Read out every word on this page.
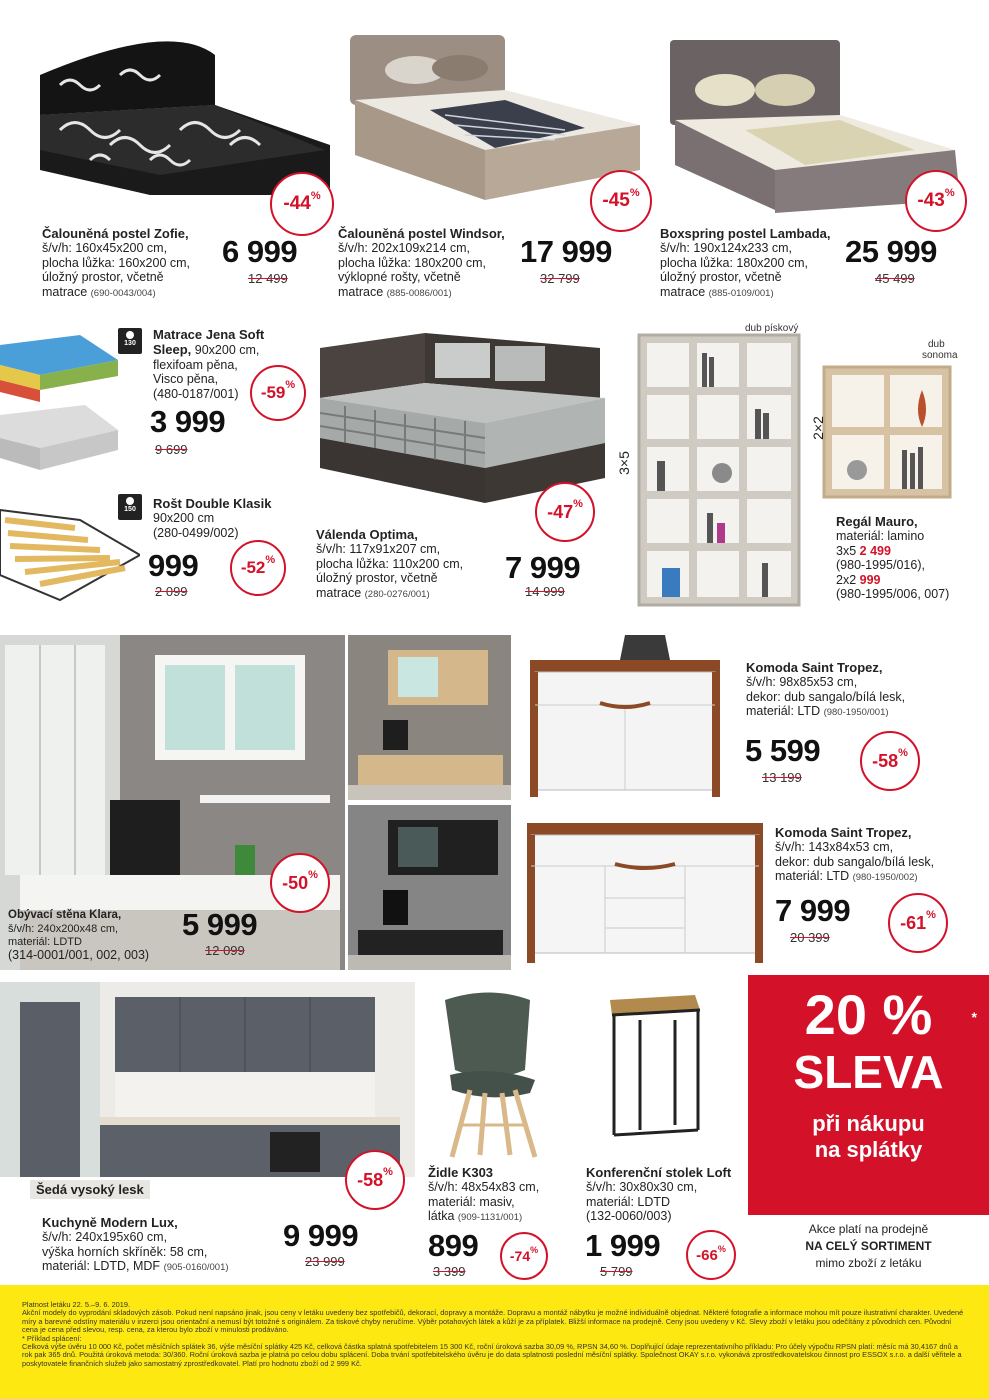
Čalouněná postel Zofie,
š/v/h: 160x45x200 cm,
plocha lůžka: 160x200 cm,
úložný prostor, včetně
matrace (690-0043/004)
6 999
12 499
-44 %
Čalouněná postel Windsor,
š/v/h: 202x109x214 cm,
plocha lůžka: 180x200 cm,
výklopné rošty, včetně
matrace (885-0086/001)
17 999
32 799
-45 %
Boxspring postel Lambada,
š/v/h: 190x124x233 cm,
plocha lůžka: 180x200 cm,
úložný prostor, včetně
matrace (885-0109/001)
25 999
45 499
-43 %
130
Matrace Jena Soft
Sleep, 90x200 cm,
flexifoam pěna,
Visco pěna,
(480-0187/001)
3 999
9 699
-59 %
150	Rošt Double Klasik
90x200 cm
(280-0499/002)
999
2 099
-52 %
Válenda Optima,
š/v/h: 117x91x207 cm,
plocha lůžka: 110x200 cm,
úložný prostor, včetně
matrace (280-0276/001)
7 999
14 999
-47 %
dub pískový
dub
sonoma
3×5
2×2
Regál Mauro,
materiál: lamino
3x5 2 499
(980-1995/016),
2x2 999
(980-1995/006, 007)
Obývací stěna Klara,
š/v/h: 240x200x48 cm,
materiál: LDTD
(314-0001/001, 002, 003)
5 999
12 099
-50 %
Komoda Saint Tropez,
š/v/h: 98x85x53 cm,
dekor: dub sangalo/bílá lesk,
materiál: LTD (980-1950/001)
5 599
13 199
-58 %
Komoda Saint Tropez,
š/v/h: 143x84x53 cm,
dekor: dub sangalo/bílá lesk,
materiál: LTD (980-1950/002)
7 999
20 399
-61 %
Šedá vysoký lesk
Kuchyně Modern Lux,
š/v/h: 240x195x60 cm,
výška horních skříněk: 58 cm,
materiál: LDTD, MDF (905-0160/001)
9 999
23 999
-58 %	Židle K303
š/v/h: 48x54x83 cm,
materiál: masiv,
látka (909-1131/001)
899
3 399
-74 %
Konferenční stolek Loft
š/v/h: 30x80x30 cm,
materiál: LDTD
(132-0060/003)
1 999
5 799
-66 %
20 %	*
SLEVA
při nákupu
na splátky
Akce platí na prodejně
NA CELÝ SORTIMENT
mimo zboží z letáku

Platnost letáku 22. 5.–9. 6. 2019.

Akční modely do vyprodání skladových zásob. Pokud není napsáno jinak, jsou ceny v letáku uvedeny bez spotřebičů, dekorací, dopravy a montáže. Dopravu a montáž nábytku je možné individuálně objednat. Některé fotografie a informace mohou mít pouze ilustrativní charakter. Uvedené míry a barevné odstíny materiálu v inzerci jsou orientační a nemusí být totožné s originálem. Za tiskové chyby neručíme. Výběr potahových látek a kůží je za příplatek. Bližší informace na prodejně. Ceny jsou uvedeny v Kč. Slevy zboží v letáku jsou odečítány z původních cen. Původní cena je cena před slevou, resp. cena, za kterou bylo zboží v minulosti prodáváno.

* Příklad splácení:

Celková výše úvěru 10 000 Kč, počet měsíčních splátek 36, výše měsíční splátky 425 Kč, celková částka splatná spotřebitelem 15 300 Kč, roční úroková sazba 30,09 %, RPSN 34,60 %. Doplňující údaje reprezentativního příkladu: Pro účely výpočtu RPSN platí: měsíc má 30,4167 dnů a rok pak 365 dnů. Použitá úroková metoda: 30/360. Roční úroková sazba je platná po celou dobu splácení. Doba trvání spotřebitelského úvěru je do data splatnosti poslední měsíční splátky. Společnost OKAY s.r.o. vykonává zprostředkovatelskou činnost pro ESSOX s.r.o. a další věřitele a poskytovatele finančních služeb jako samostatný zprostředkovatel. Platí pro hodnotu zboží od 2 999 Kč.
